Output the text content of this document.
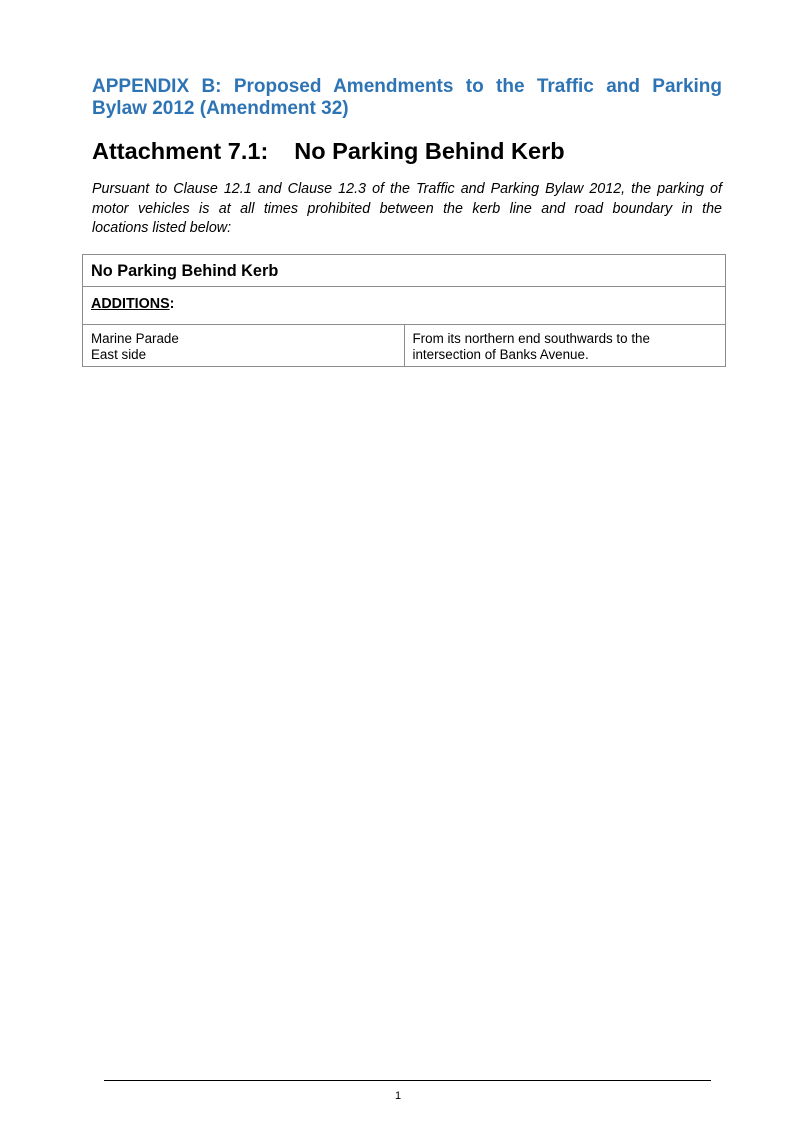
APPENDIX B: Proposed Amendments to the Traffic and Parking
Bylaw 2012 (Amendment 32)
Attachment 7.1: No Parking Behind Kerb
Pursuant to Clause 12.1 and Clause 12.3 of the Traffic and Parking Bylaw 2012, the parking of
motor vehicles is at all times prohibited between the kerb line and road boundary in the
locations listed below:
No Parking Behind Kerb
ADDITIONS:

Marine Parade
East side
	From its northern end southwards to the intersection of Banks Avenue.
1
